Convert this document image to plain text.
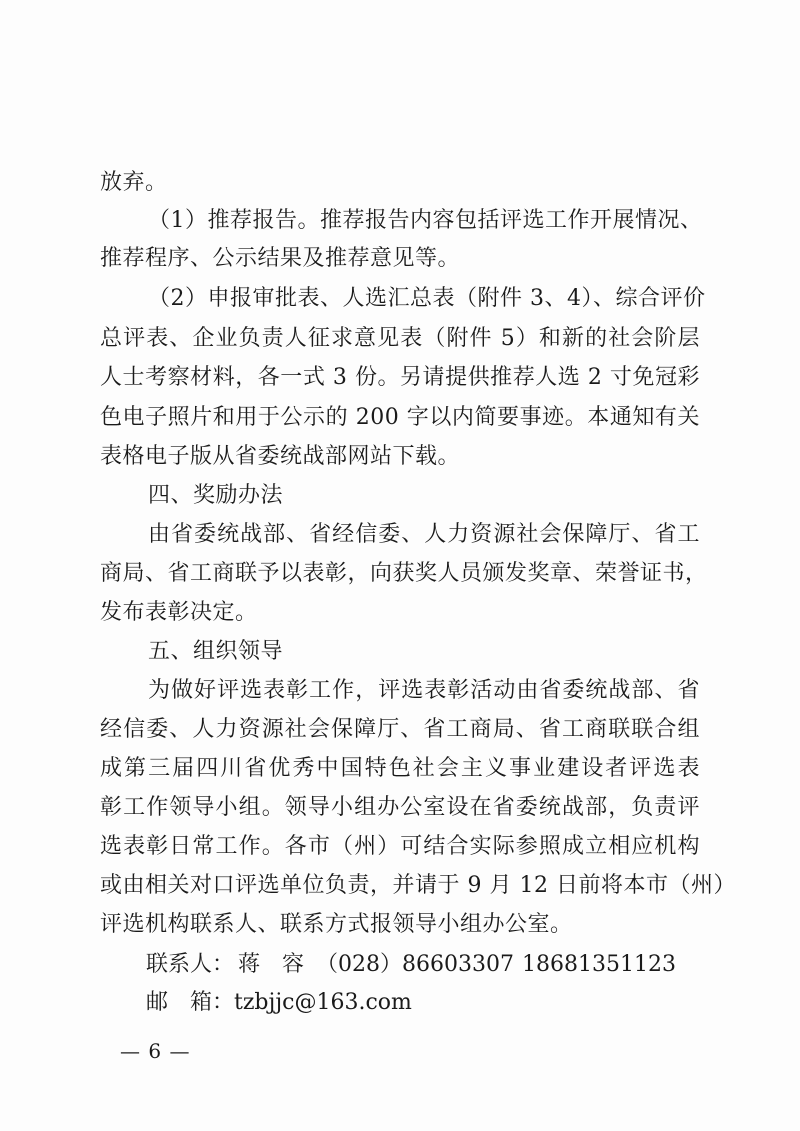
放弃。
（1）推荐报告。推荐报告内容包括评选工作开展情况、
推荐程序、公示结果及推荐意见等。
（2）申报审批表、人选汇总表（附件 3、4）、综合评价
总评表、企业负责人征求意见表（附件 5）和新的社会阶层
人士考察材料，各一式 3 份。另请提供推荐人选 2 寸免冠彩
色电子照片和用于公示的 200 字以内简要事迹。本通知有关
表格电子版从省委统战部网站下载。
四、奖励办法
由省委统战部、省经信委、人力资源社会保障厅、省工
商局、省工商联予以表彰，向获奖人员颁发奖章、荣誉证书，
发布表彰决定。
五、组织领导
为做好评选表彰工作，评选表彰活动由省委统战部、省
经信委、人力资源社会保障厅、省工商局、省工商联联合组
成第三届四川省优秀中国特色社会主义事业建设者评选表
彰工作领导小组。领导小组办公室设在省委统战部，负责评
选表彰日常工作。各市（州）可结合实际参照成立相应机构
或由相关对口评选单位负责，并请于 9 月 12 日前将本市（州）
评选机构联系人、联系方式报领导小组办公室。
联系人： 蒋　容 （028）86603307 18681351123
邮　箱： tzbjjc@163.com
— 6 —
